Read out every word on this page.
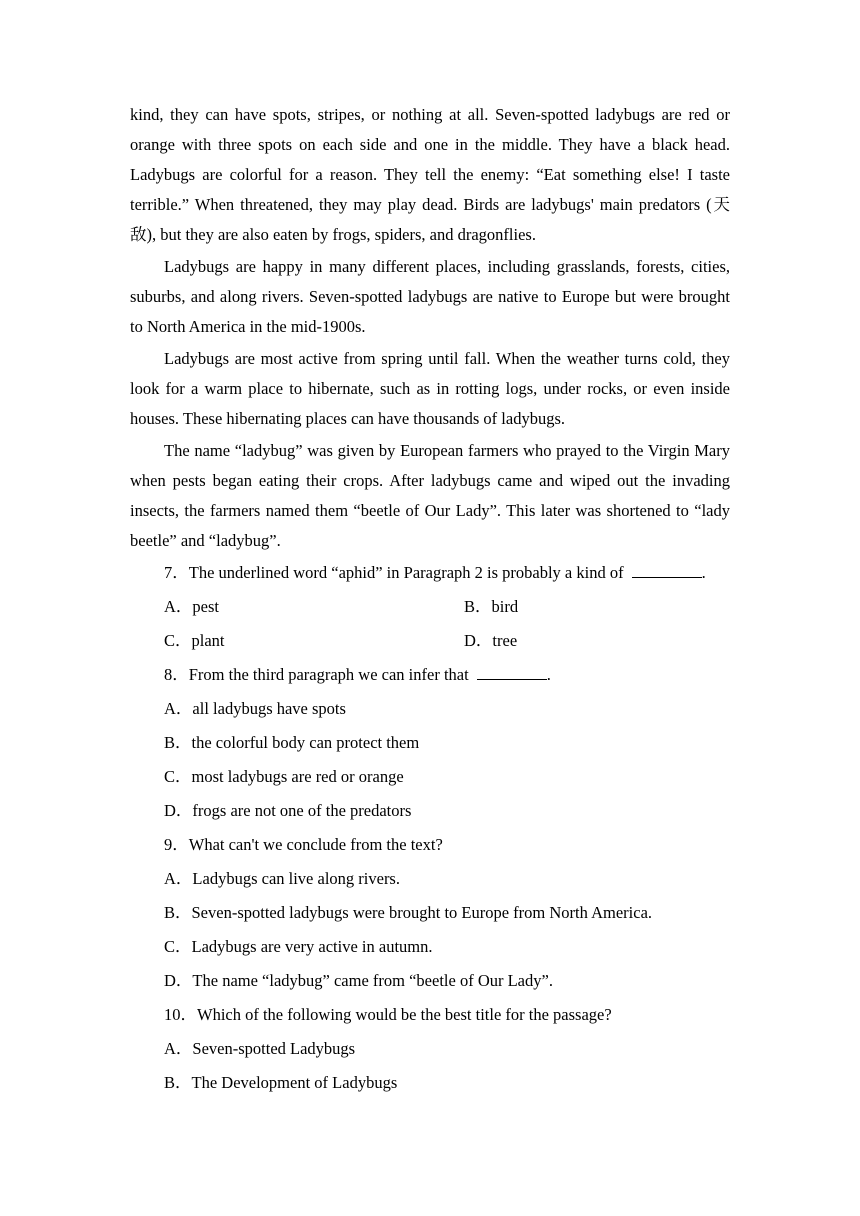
kind, they can have spots, stripes, or nothing at all. Seven-spotted ladybugs are red or orange with three spots on each side and one in the middle. They have a black head. Ladybugs are colorful for a reason. They tell the enemy: “Eat something else! I taste terrible.” When threatened, they may play dead. Birds are ladybugs' main predators (天敌), but they are also eaten by frogs, spiders, and dragonflies.

Ladybugs are happy in many different places, including grasslands, forests, cities, suburbs, and along rivers. Seven-spotted ladybugs are native to Europe but were brought to North America in the mid-1900s.

Ladybugs are most active from spring until fall. When the weather turns cold, they look for a warm place to hibernate, such as in rotting logs, under rocks, or even inside houses. These hibernating places can have thousands of ladybugs.

The name “ladybug” was given by European farmers who prayed to the Virgin Mary when pests began eating their crops. After ladybugs came and wiped out the invading insects, the farmers named them “beetle of Our Lady”. This later was shortened to “lady beetle” and “ladybug”.

7．The underlined word “aphid” in Paragraph 2 is probably a kind of	.

A．pest	B．bird
C．plant	D．tree

8．From the third paragraph we can infer that	.

A．all ladybugs have spots

B．the colorful body can protect them

C．most ladybugs are red or orange

D．frogs are not one of the predators

9．What can't we conclude from the text?

A．Ladybugs can live along rivers.

B．Seven-spotted ladybugs were brought to Europe from North America.

C．Ladybugs are very active in autumn.

D．The name “ladybug” came from “beetle of Our Lady”.

10．Which of the following would be the best title for the passage?

A．Seven-spotted Ladybugs

B．The Development of Ladybugs
